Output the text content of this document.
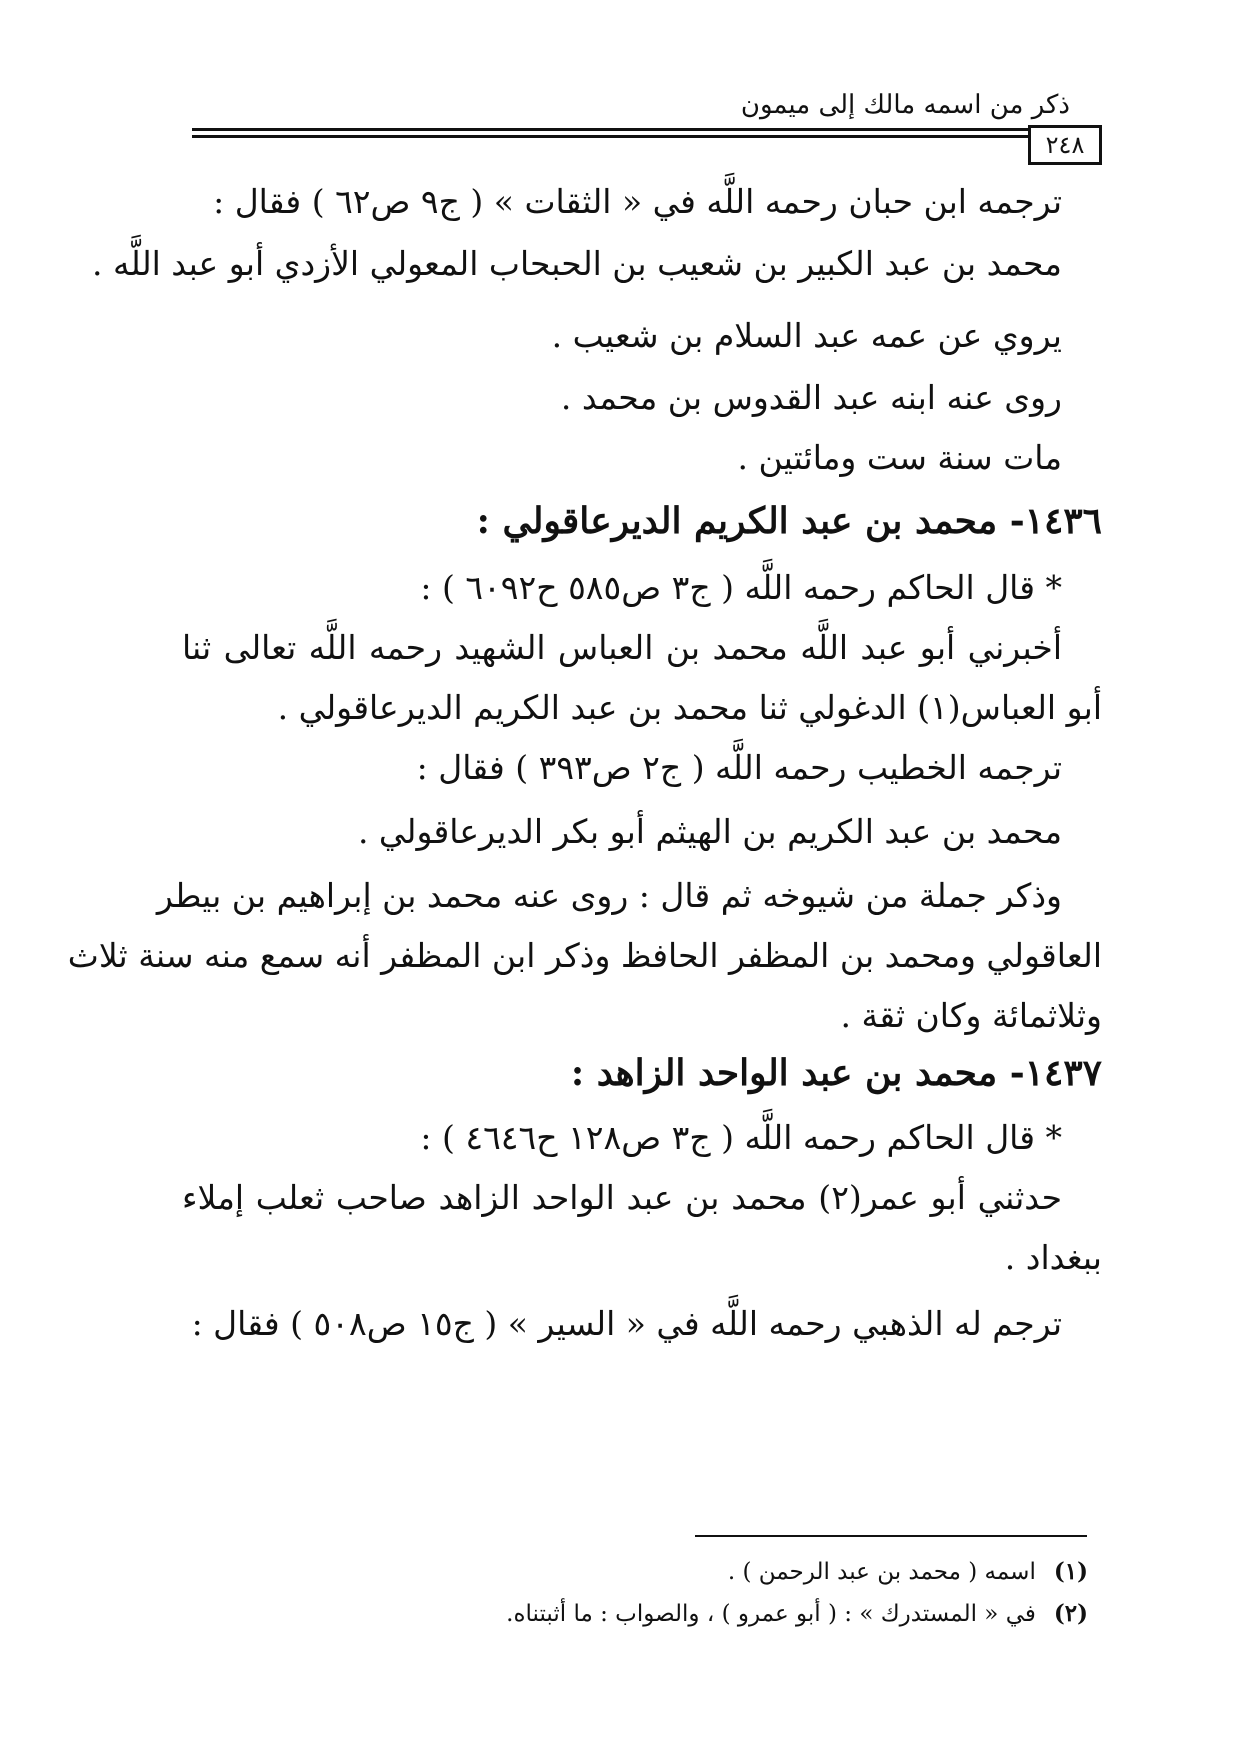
ذكر من اسمه مالك إلى ميمون
٢٤٨
ترجمه ابن حبان رحمه اللَّه في « الثقات » ( ج٩ ص٦٢ ) فقال :
محمد بن عبد الكبير بن شعيب بن الحبحاب المعولي الأزدي أبو عبد اللَّه .
يروي عن عمه عبد السلام بن شعيب .
روى عنه ابنه عبد القدوس بن محمد .
مات سنة ست ومائتين .
١٤٣٦- محمد بن عبد الكريم الديرعاقولي :
* قال الحاكم رحمه اللَّه ( ج٣ ص٥٨٥ ح٦٠٩٢ ) :
أخبرني أبو عبد اللَّه محمد بن العباس الشهيد رحمه اللَّه تعالى ثنا
أبو العباس(١) الدغولي ثنا محمد بن عبد الكريم الديرعاقولي .
ترجمه الخطيب رحمه اللَّه ( ج٢ ص٣٩٣ ) فقال :
محمد بن عبد الكريم بن الهيثم أبو بكر الديرعاقولي .
وذكر جملة من شيوخه ثم قال : روى عنه محمد بن إبراهيم بن بيطر
العاقولي ومحمد بن المظفر الحافظ وذكر ابن المظفر أنه سمع منه سنة ثلاث
وثلاثمائة وكان ثقة .
١٤٣٧- محمد بن عبد الواحد الزاهد :
* قال الحاكم رحمه اللَّه ( ج٣ ص١٢٨ ح٤٦٤٦ ) :
حدثني أبو عمر(٢) محمد بن عبد الواحد الزاهد صاحب ثعلب إملاء
ببغداد .
ترجم له الذهبي رحمه اللَّه في « السير » ( ج١٥ ص٥٠٨ ) فقال :
(١)اسمه ( محمد بن عبد الرحمن ) .
(٢)في « المستدرك » : ( أبو عمرو ) ، والصواب : ما أثبتناه.
